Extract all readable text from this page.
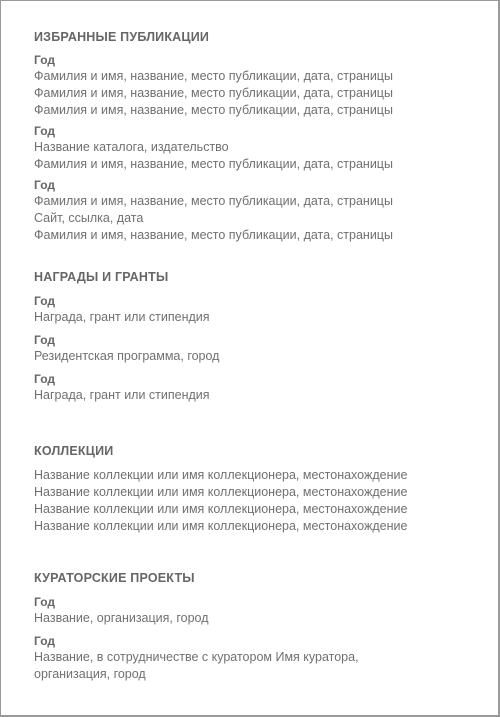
ИЗБРАННЫЕ ПУБЛИКАЦИИ
Год
Фамилия и имя, название, место публикации, дата, страницы
Фамилия и имя, название, место публикации, дата, страницы
Фамилия и имя, название, место публикации, дата, страницы
Год
Название каталога, издательство
Фамилия и имя, название, место публикации, дата, страницы
Год
Фамилия и имя, название, место публикации, дата, страницы
Сайт, ссылка, дата
Фамилия и имя, название, место публикации, дата, страницы
НАГРАДЫ И ГРАНТЫ
Год
Награда, грант или стипендия
Год
Резидентская программа, город
Год
Награда, грант или стипендия
КОЛЛЕКЦИИ
Название коллекции или имя коллекционера, местонахождение
Название коллекции или имя коллекционера, местонахождение
Название коллекции или имя коллекционера, местонахождение
Название коллекции или имя коллекционера, местонахождение
КУРАТОРСКИЕ ПРОЕКТЫ
Год
Название, организация, город
Год
Название, в сотрудничестве с куратором Имя куратора,
организация, город
